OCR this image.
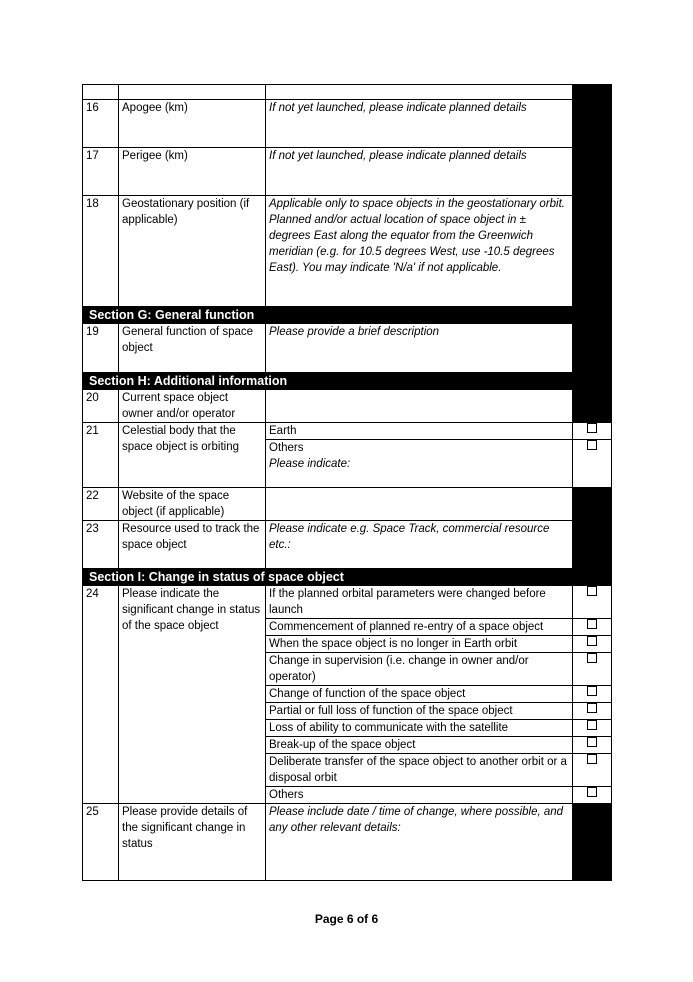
16	Apogee (km)	If not yet launched, please indicate planned details	
17	Perigee (km)	If not yet launched, please indicate planned details	
18	Geostationary position (if applicable)	Applicable only to space objects in the geostationary orbit. Planned and/or actual location of space object in ± degrees East along the equator from the Greenwich meridian (e.g. for 10.5 degrees West, use -10.5 degrees East). You may indicate 'N/a' if not applicable.	
Section G: General function			
19	General function of space object	Please provide a brief description	
Section H: Additional information			
20	Current space object owner and/or operator		
21	Celestial body that the space object is orbiting	Earth	

		Others
Please indicate:	

22	Website of the space object (if applicable)		
23	Resource used to track the space object	Please indicate e.g. Space Track, commercial resource etc.:	
Section I: Change in status of space object			
24	Please indicate the significant change in status of the space object	If the planned orbital parameters were changed before launch	

		Commencement of planned re-entry of a space object	

		When the space object is no longer in Earth orbit	

		Change in supervision (i.e. change in owner and/or operator)	

		Change of function of the space object	

		Partial or full loss of function of the space object	

		Loss of ability to communicate with the satellite	

		Break-up of the space object	

		Deliberate transfer of the space object to another orbit or a disposal orbit	

		Others	

25	Please provide details of the significant change in status	Please include date / time of change, where possible, and any other relevant details:	
Page 6 of 6
